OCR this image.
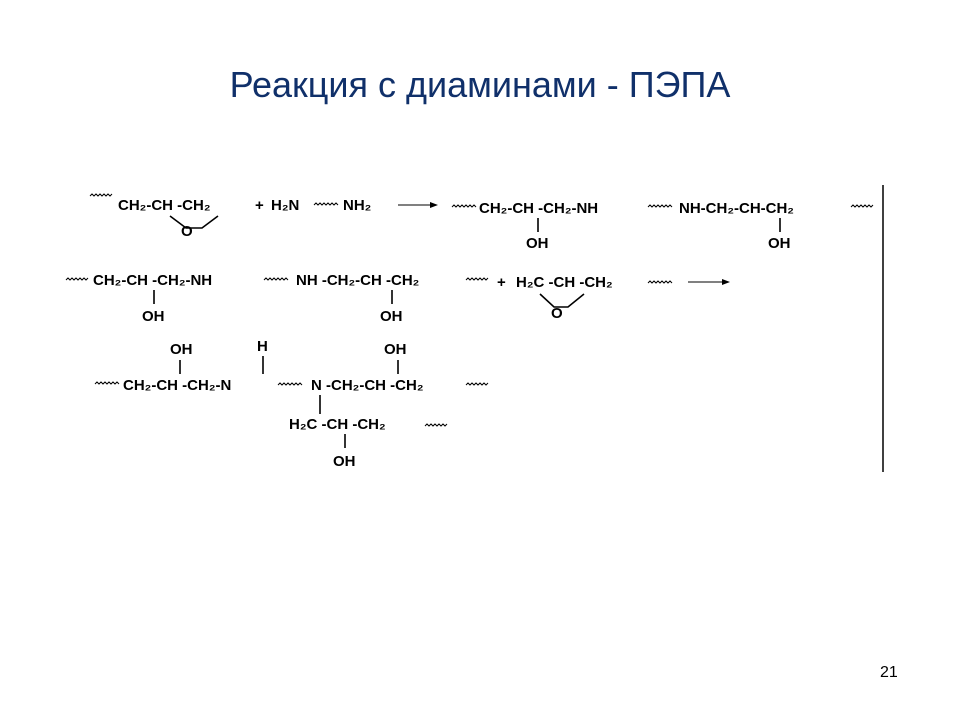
Реакция с диаминами - ПЭПА
CH₂-CH -CH₂
O
+ H₂N	NH₂	CH₂-CH -CH₂-NH
OH
NH-CH₂-CH-CH₂
OH
CH₂-CH -CH₂-NH
OH
NH -CH₂-CH -CH₂
OH
+ H₂C -CH -CH₂
O
OH	H	OH
CH₂-CH -CH₂-N	N -CH₂-CH -CH₂
H₂C -CH -CH₂
OH
21
